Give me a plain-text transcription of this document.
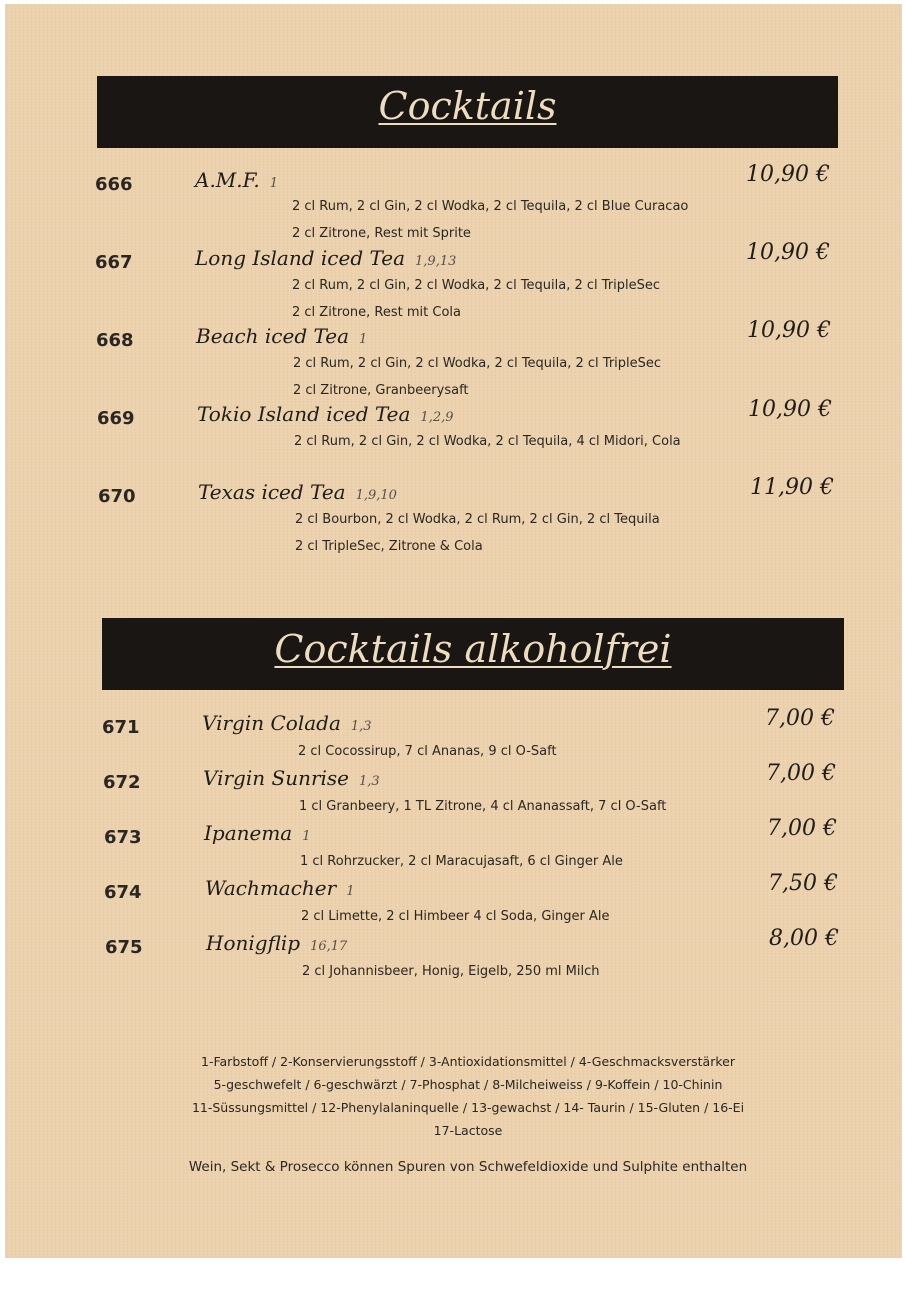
Cocktails
666	A.M.F. 1	10,90 €
2 cl Rum, 2 cl Gin, 2 cl Wodka, 2 cl Tequila, 2 cl Blue Curacao
2 cl Zitrone, Rest mit Sprite
667	Long Island iced Tea 1,9,13	10,90 €
2 cl Rum, 2 cl Gin, 2 cl Wodka, 2 cl Tequila, 2 cl TripleSec
2 cl Zitrone, Rest mit Cola
668	Beach iced Tea 1	10,90 €
2 cl Rum, 2 cl Gin, 2 cl Wodka, 2 cl Tequila, 2 cl TripleSec
2 cl Zitrone, Granbeerysaft
669	Tokio Island iced Tea 1,2,9	10,90 €
2 cl Rum, 2 cl Gin, 2 cl Wodka, 2 cl Tequila, 4 cl Midori, Cola
670	Texas iced Tea 1,9,10	11,90 €
2 cl Bourbon, 2 cl Wodka, 2 cl Rum, 2 cl Gin, 2 cl Tequila
2 cl TripleSec, Zitrone & Cola
Cocktails alkoholfrei
671	Virgin Colada 1,3	7,00 €
2 cl Cocossirup, 7 cl Ananas, 9 cl O-Saft
672	Virgin Sunrise 1,3	7,00 €
1 cl Granbeery, 1 TL Zitrone, 4 cl Ananassaft, 7 cl O-Saft
673	Ipanema 1	7,00 €
1 cl Rohrzucker, 2 cl Maracujasaft, 6 cl Ginger Ale
674	Wachmacher 1	7,50 €
2 cl Limette, 2 cl Himbeer 4 cl Soda, Ginger Ale
675	Honigflip 16,17	8,00 €
2 cl Johannisbeer, Honig, Eigelb, 250 ml Milch
1-Farbstoff / 2-Konservierungsstoff / 3-Antioxidationsmittel / 4-Geschmacksverstärker
5-geschwefelt / 6-geschwärzt / 7-Phosphat / 8-Milcheiweiss / 9-Koffein / 10-Chinin
11-Süssungsmittel / 12-Phenylalaninquelle / 13-gewachst / 14- Taurin / 15-Gluten / 16-Ei
17-Lactose
Wein, Sekt & Prosecco können Spuren von Schwefeldioxide und Sulphite enthalten
